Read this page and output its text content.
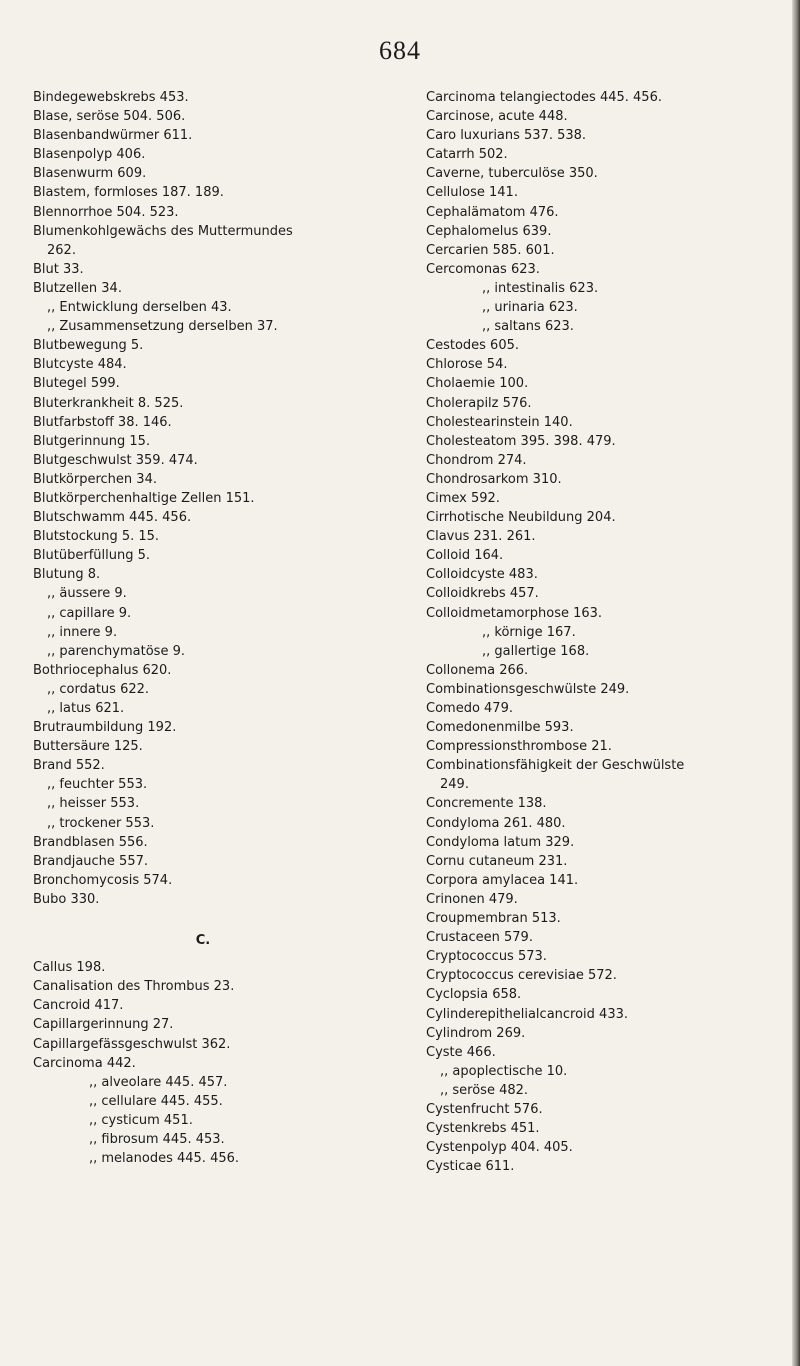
684
Bindegewebskrebs 453.
Blase, seröse 504. 506.
Blasenbandwürmer 611.
Blasenpolyp 406.
Blasenwurm 609.
Blastem, formloses 187. 189.
Blennorrhoe 504. 523.
Blumenkohlgewächs des Muttermundes
262.
Blut 33.
Blutzellen 34.
,, Entwicklung derselben 43.
,, Zusammensetzung derselben 37.
Blutbewegung 5.
Blutcyste 484.
Blutegel 599.
Bluterkrankheit 8. 525.
Blutfarbstoff 38. 146.
Blutgerinnung 15.
Blutgeschwulst 359. 474.
Blutkörperchen 34.
Blutkörperchenhaltige Zellen 151.
Blutschwamm 445. 456.
Blutstockung 5. 15.
Blutüberfüllung 5.
Blutung 8.
,, äussere 9.
,, capillare 9.
,, innere 9.
,, parenchymatöse 9.
Bothriocephalus 620.
,, cordatus 622.
,, latus 621.
Brutraumbildung 192.
Buttersäure 125.
Brand 552.
,, feuchter 553.
,, heisser 553.
,, trockener 553.
Brandblasen 556.
Brandjauche 557.
Bronchomycosis 574.
Bubo 330.
C.
Callus 198.
Canalisation des Thrombus 23.
Cancroid 417.
Capillargerinnung 27.
Capillargefässgeschwulst 362.
Carcinoma 442.
,, alveolare 445. 457.
,, cellulare 445. 455.
,, cysticum 451.
,, fibrosum 445. 453.
,, melanodes 445. 456.
Carcinoma telangiectodes 445. 456.
Carcinose, acute 448.
Caro luxurians 537. 538.
Catarrh 502.
Caverne, tuberculöse 350.
Cellulose 141.
Cephalämatom 476.
Cephalomelus 639.
Cercarien 585. 601.
Cercomonas 623.
,, intestinalis 623.
,, urinaria 623.
,, saltans 623.
Cestodes 605.
Chlorose 54.
Cholaemie 100.
Cholerapilz 576.
Cholestearinstein 140.
Cholesteatom 395. 398. 479.
Chondrom 274.
Chondrosarkom 310.
Cimex 592.
Cirrhotische Neubildung 204.
Clavus 231. 261.
Colloid 164.
Colloidcyste 483.
Colloidkrebs 457.
Colloidmetamorphose 163.
,, körnige 167.
,, gallertige 168.
Collonema 266.
Combinationsgeschwülste 249.
Comedo 479.
Comedonenmilbe 593.
Compressionsthrombose 21.
Combinationsfähigkeit der Geschwülste
249.
Concremente 138.
Condyloma 261. 480.
Condyloma latum 329.
Cornu cutaneum 231.
Corpora amylacea 141.
Crinonen 479.
Croupmembran 513.
Crustaceen 579.
Cryptococcus 573.
Cryptococcus cerevisiae 572.
Cyclopsia 658.
Cylinderepithelialcancroid 433.
Cylindrom 269.
Cyste 466.
,, apoplectische 10.
,, seröse 482.
Cystenfrucht 576.
Cystenkrebs 451.
Cystenpolyp 404. 405.
Cysticae 611.
